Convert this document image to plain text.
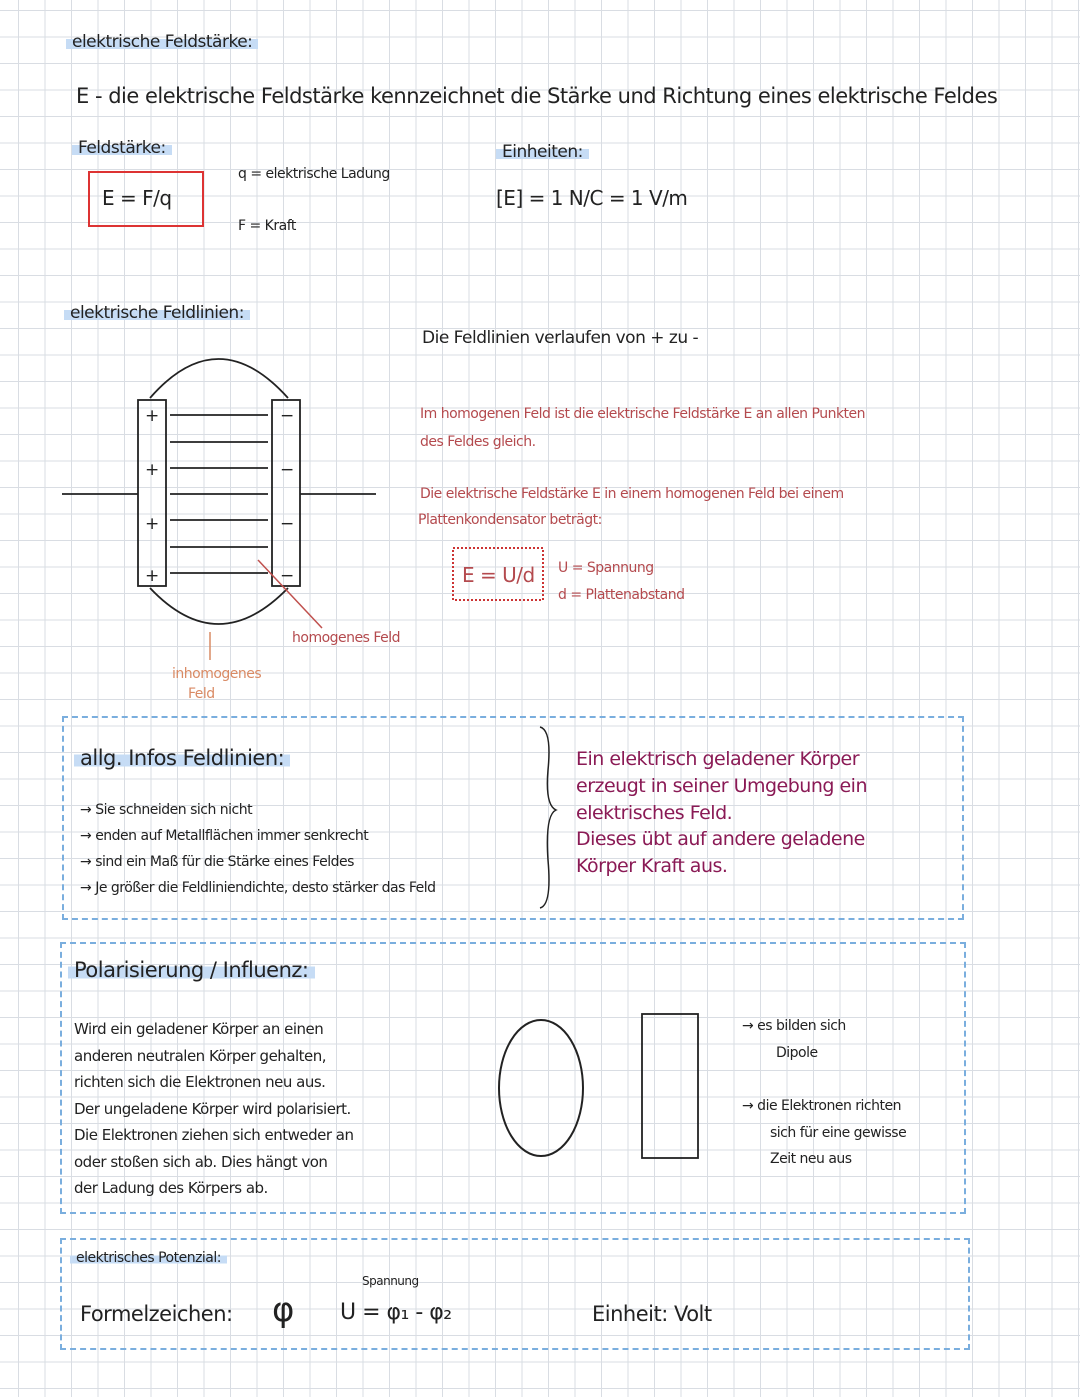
elektrische Feldstärke:
E - die elektrische Feldstärke kennzeichnet die Stärke und Richtung eines elektrische Feldes
Feldstärke:
E = F/q
q = elektrische Ladung
F = Kraft
Einheiten:
[E] = 1 N/C = 1 V/m
elektrische Feldlinien:
Die Feldlinien verlaufen von + zu -
Im homogenen Feld ist die elektrische Feldstärke E an allen Punkten
des Feldes gleich.
Die elektrische Feldstärke E in einem homogenen Feld bei einem
Plattenkondensator beträgt:
E = U/d U = Spannung
d = Plattenabstand
homogenes Feld
inhomogenes
Feld
+
+
+
+
−
−
−
−
allg. Infos Feldlinien:
→ Sie schneiden sich nicht
→ enden auf Metallflächen immer senkrecht
→ sind ein Maß für die Stärke eines Feldes
→ Je größer die Feldliniendichte, desto stärker das Feld
Ein elektrisch geladener Körper
erzeugt in seiner Umgebung ein
elektrisches Feld.
Dieses übt auf andere geladene
Körper Kraft aus.
Polarisierung / Influenz:
Wird ein geladener Körper an einen
anderen neutralen Körper gehalten,
richten sich die Elektronen neu aus.
Der ungeladene Körper wird polarisiert.
Die Elektronen ziehen sich entweder an
oder stoßen sich ab. Dies hängt von
der Ladung des Körpers ab.
→ es bilden sich
Dipole
→ die Elektronen richten
sich für eine gewisse
Zeit neu aus
elektrisches Potenzial:
Formelzeichen: φ
Spannung
U = φ₁ - φ₂	Einheit: Volt
